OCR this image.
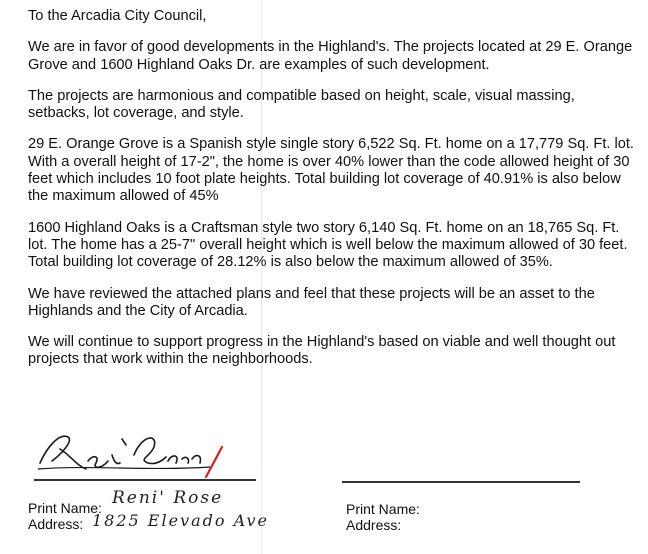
To the Arcadia City Council,

We are in favor of good developments in the Highland's. The projects located at 29 E. Orange Grove and 1600 Highland Oaks Dr. are examples of such development.

The projects are harmonious and compatible based on height, scale, visual massing, setbacks, lot coverage, and style.

29 E. Orange Grove is a Spanish style single story 6,522 Sq. Ft. home on a 17,779 Sq. Ft. lot. With a overall height of 17-2", the home is over 40% lower than the code allowed height of 30 feet which includes 10 foot plate heights. Total building lot coverage of 40.91% is also below the maximum allowed of 45%

1600 Highland Oaks is a Craftsman style two story 6,140 Sq. Ft. home on an 18,765 Sq. Ft. lot. The home has a 25-7" overall height which is well below the maximum allowed of 30 feet. Total building lot coverage of 28.12% is also below the maximum allowed of 35%.

We have reviewed the attached plans and feel that these projects will be an asset to the Highlands and the City of Arcadia.

We will continue to support progress in the Highland's based on viable and well thought out projects that work within the neighborhoods.

Print Name:
Address:
Reni' Rose
1825 Elevado Ave
Print Name:
Address:
